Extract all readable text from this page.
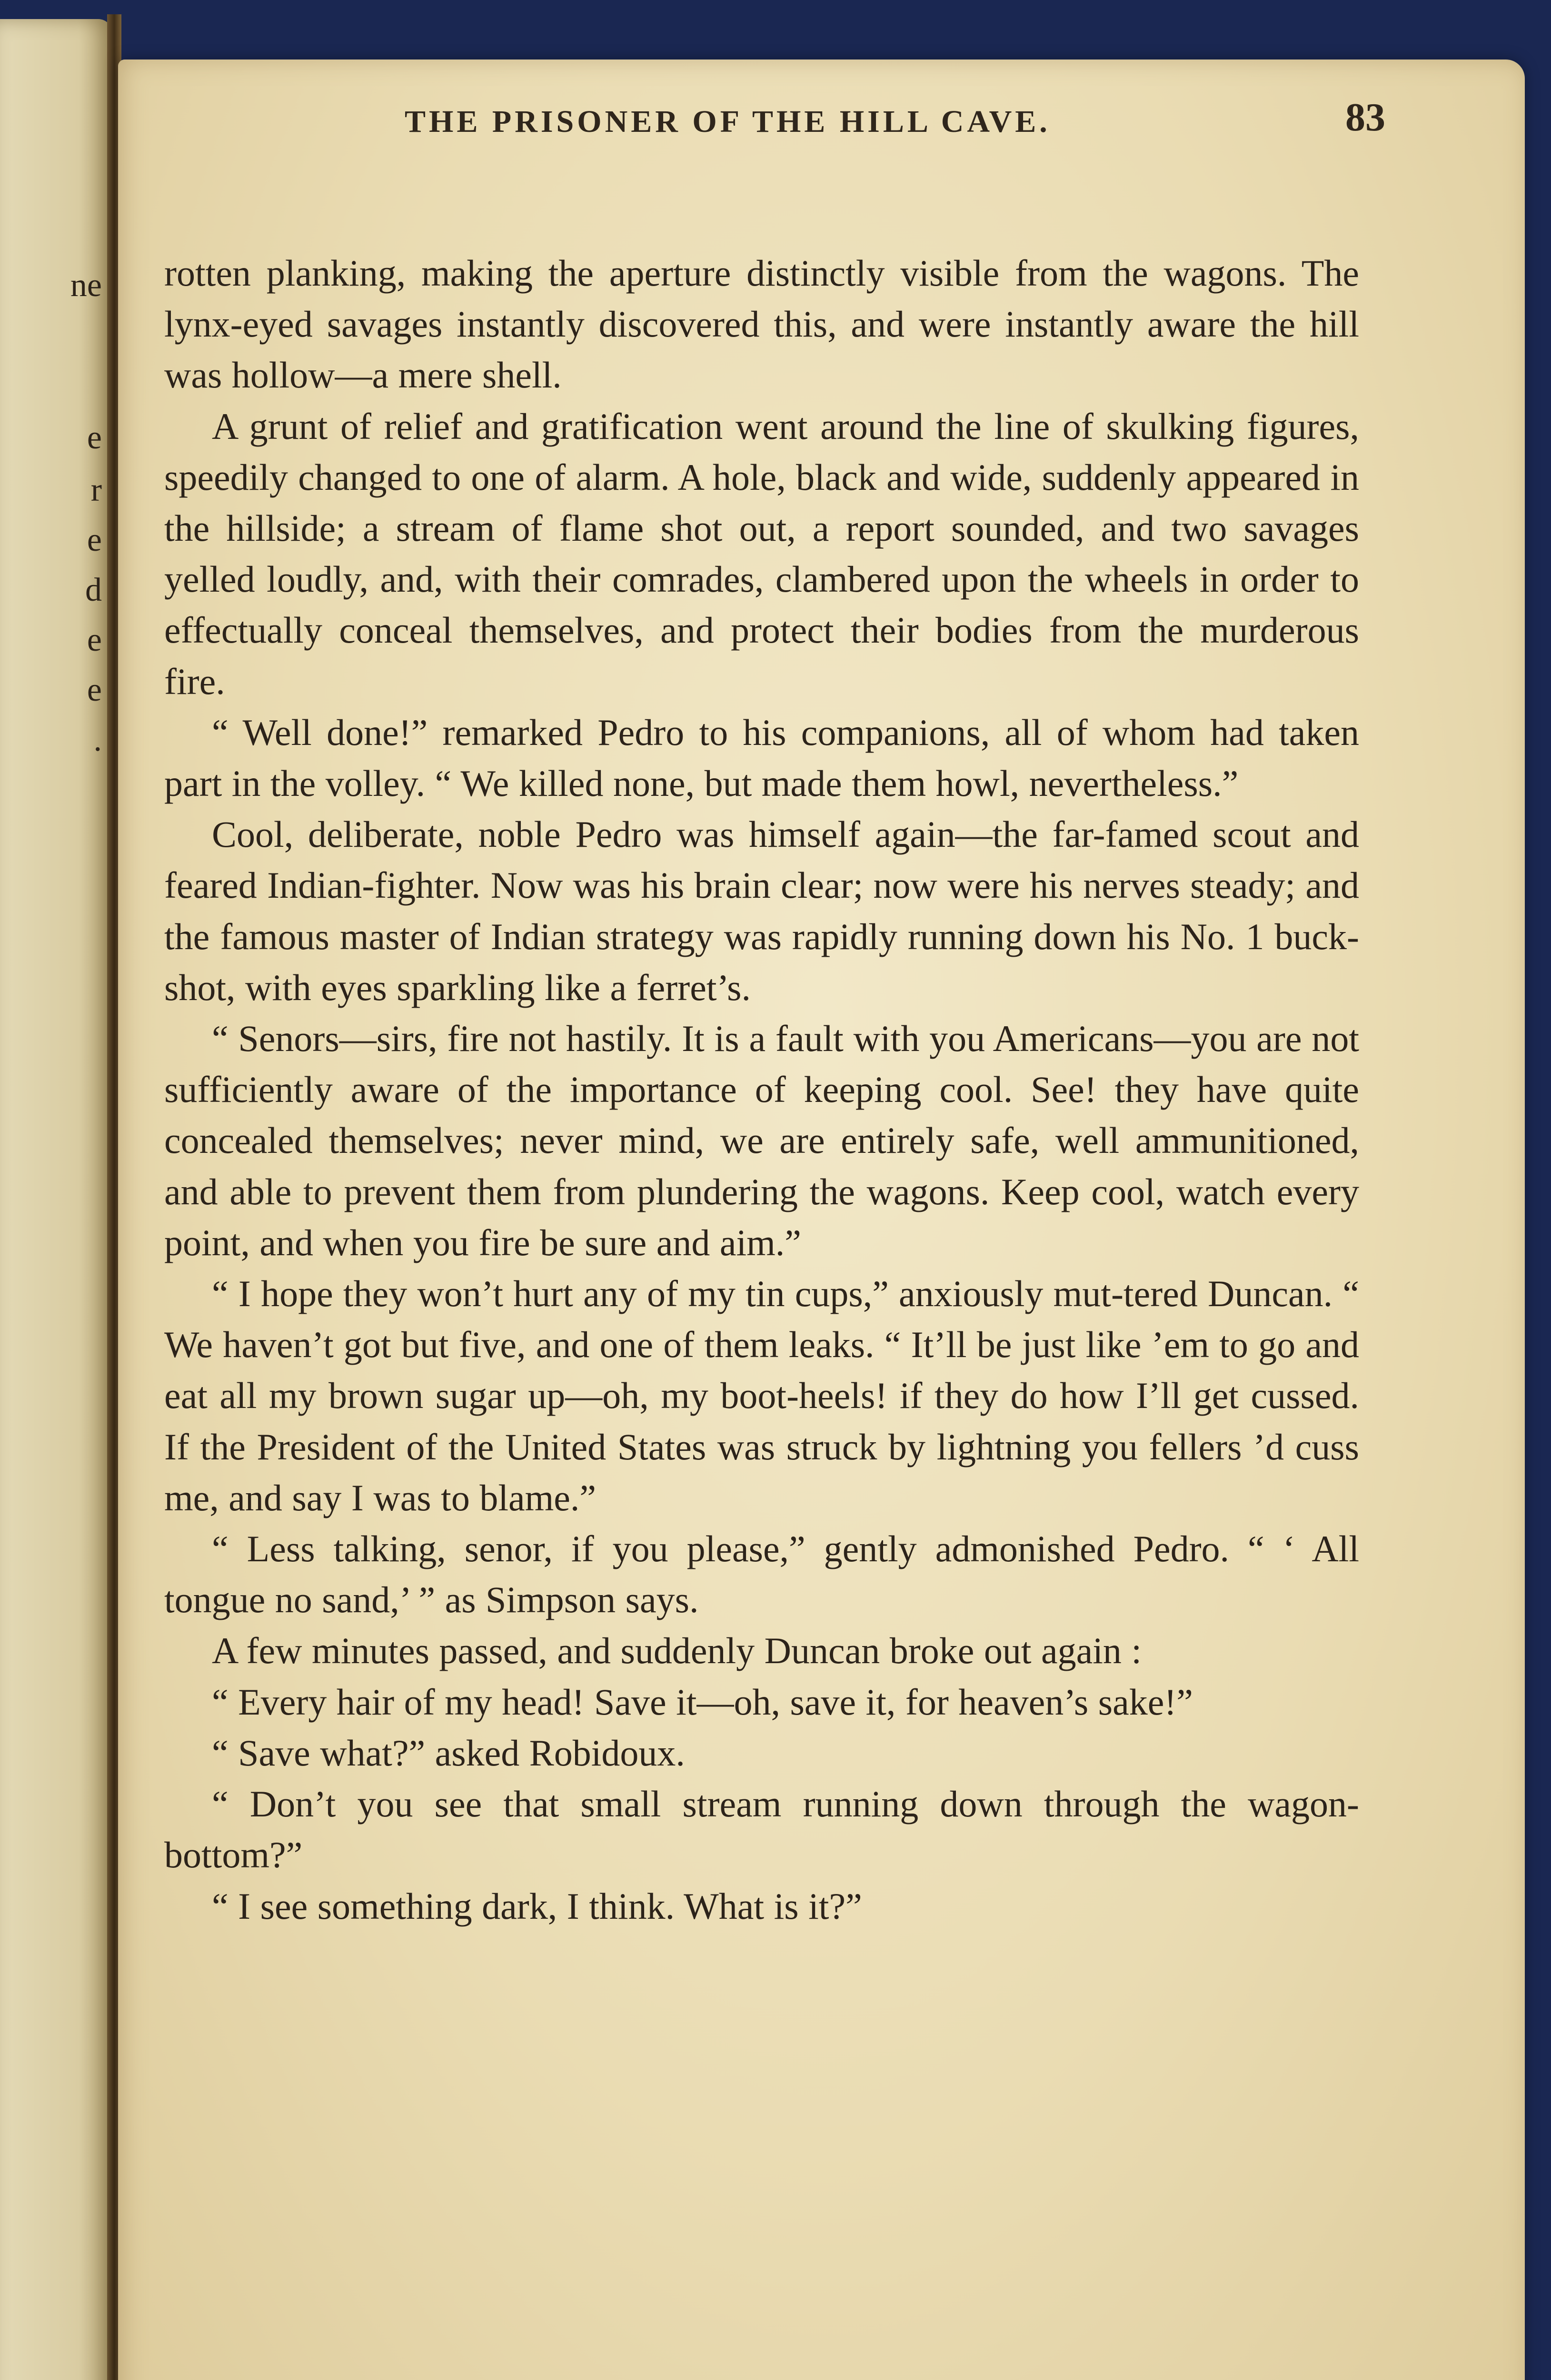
ne
e
r
e
d
e
e
.
THE PRISONER OF THE HILL CAVE.	83

rotten planking, making the aperture distinctly visible from the wagons. The lynx-eyed savages instantly discovered this, and were instantly aware the hill was hollow—a mere shell.

A grunt of relief and gratification went around the line of skulking figures, speedily changed to one of alarm. A hole, black and wide, suddenly appeared in the hillside; a stream of flame shot out, a report sounded, and two savages yelled loudly, and, with their comrades, clambered upon the wheels in order to effectually conceal themselves, and protect their bodies from the murderous fire.

“ Well done!” remarked Pedro to his companions, all of whom had taken part in the volley. “ We killed none, but made them howl, nevertheless.”

Cool, deliberate, noble Pedro was himself again—the far-famed scout and feared Indian-fighter. Now was his brain clear; now were his nerves steady; and the famous master of Indian strategy was rapidly running down his No. 1 buck-shot, with eyes sparkling like a ferret’s.

“ Senors—sirs, fire not hastily. It is a fault with you Americans—you are not sufficiently aware of the importance of keeping cool. See! they have quite concealed themselves; never mind, we are entirely safe, well ammunitioned, and able to prevent them from plundering the wagons. Keep cool, watch every point, and when you fire be sure and aim.”

“ I hope they won’t hurt any of my tin cups,” anxiously mut-tered Duncan. “ We haven’t got but five, and one of them leaks. “ It’ll be just like ’em to go and eat all my brown sugar up—oh, my boot-heels! if they do how I’ll get cussed. If the President of the United States was struck by lightning you fellers ’d cuss me, and say I was to blame.”

“ Less talking, senor, if you please,” gently admonished Pedro. “ ‘ All tongue no sand,’ ” as Simpson says.

A few minutes passed, and suddenly Duncan broke out again :

“ Every hair of my head! Save it—oh, save it, for heaven’s sake!”

“ Save what?” asked Robidoux.

“ Don’t you see that small stream running down through the wagon-bottom?”

“ I see something dark, I think. What is it?”
